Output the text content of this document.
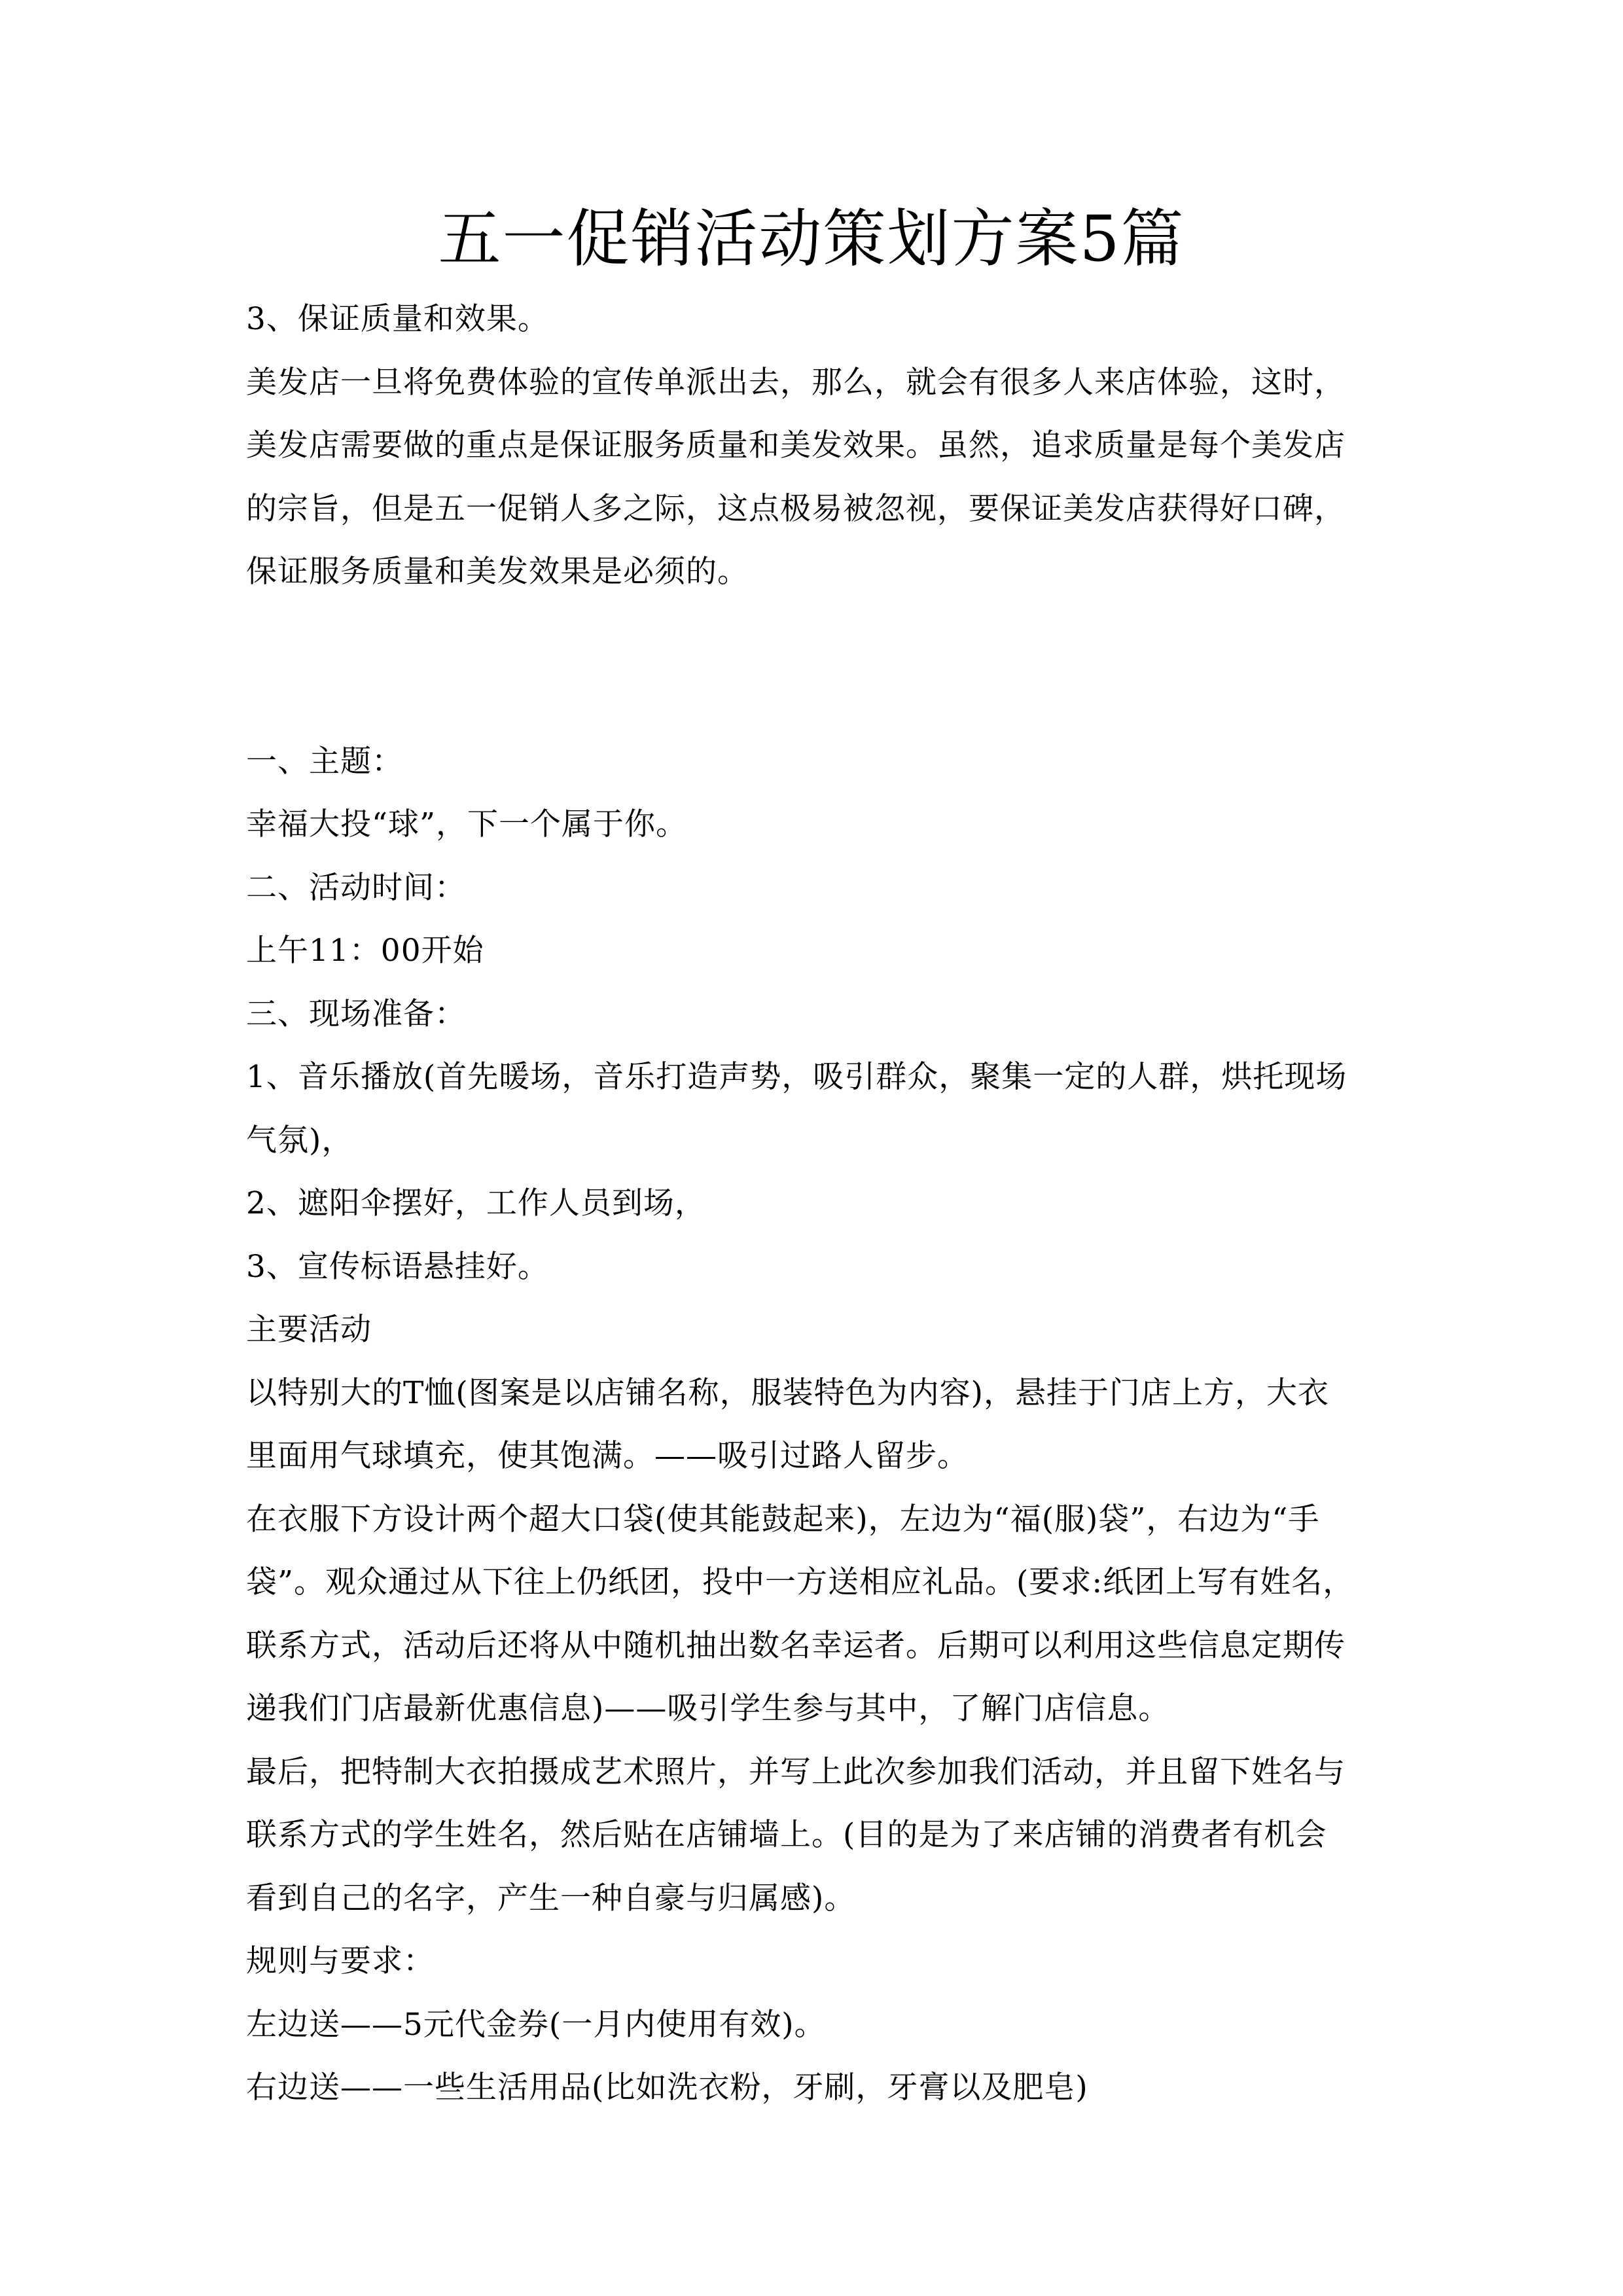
五一促销活动策划方案5篇
3、保证质量和效果。
美发店一旦将免费体验的宣传单派出去，那么，就会有很多人来店体验，这时，
美发店需要做的重点是保证服务质量和美发效果。虽然，追求质量是每个美发店
的宗旨，但是五一促销人多之际，这点极易被忽视，要保证美发店获得好口碑，
保证服务质量和美发效果是必须的。
一、主题：
幸福大投“球”，下一个属于你。
二、活动时间：
上午11：00开始
三、现场准备：
1、音乐播放(首先暖场，音乐打造声势，吸引群众，聚集一定的人群，烘托现场
气氛)，
2、遮阳伞摆好，工作人员到场，
3、宣传标语悬挂好。
主要活动
以特别大的T恤(图案是以店铺名称，服装特色为内容)，悬挂于门店上方，大衣
里面用气球填充，使其饱满。——吸引过路人留步。
在衣服下方设计两个超大口袋(使其能鼓起来)，左边为“福(服)袋”，右边为“手
袋”。观众通过从下往上仍纸团，投中一方送相应礼品。(要求:纸团上写有姓名，
联系方式，活动后还将从中随机抽出数名幸运者。后期可以利用这些信息定期传
递我们门店最新优惠信息)——吸引学生参与其中，了解门店信息。
最后，把特制大衣拍摄成艺术照片，并写上此次参加我们活动，并且留下姓名与
联系方式的学生姓名，然后贴在店铺墙上。(目的是为了来店铺的消费者有机会
看到自己的名字，产生一种自豪与归属感)。
规则与要求：
左边送——5元代金券(一月内使用有效)。
右边送——一些生活用品(比如洗衣粉，牙刷，牙膏以及肥皂)
